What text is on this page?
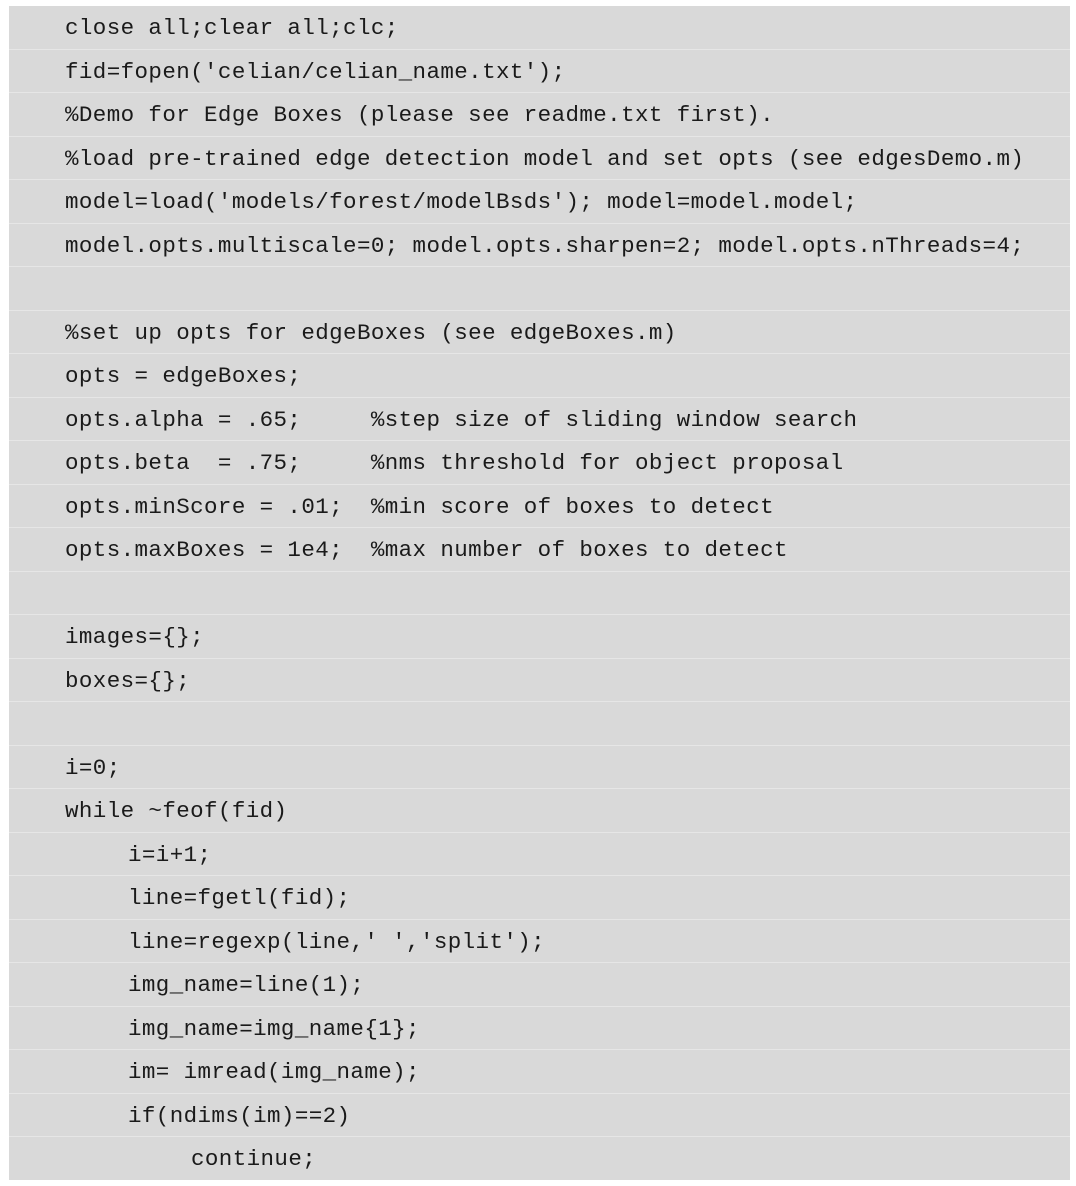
close all;clear all;clc;
fid=fopen('celian/celian_name.txt');
%Demo for Edge Boxes (please see readme.txt first).
%load pre-trained edge detection model and set opts (see edgesDemo.m)
model=load('models/forest/modelBsds'); model=model.model;
model.opts.multiscale=0; model.opts.sharpen=2; model.opts.nThreads=4;
%set up opts for edgeBoxes (see edgeBoxes.m)
opts = edgeBoxes;
opts.alpha = .65;     %step size of sliding window search
opts.beta  = .75;     %nms threshold for object proposal
opts.minScore = .01;  %min score of boxes to detect
opts.maxBoxes = 1e4;  %max number of boxes to detect
images={};
boxes={};
i=0;
while ~feof(fid)
i=i+1;
line=fgetl(fid);
line=regexp(line,' ','split');
img_name=line(1);
img_name=img_name{1};
im= imread(img_name);
if(ndims(im)==2)
continue;
